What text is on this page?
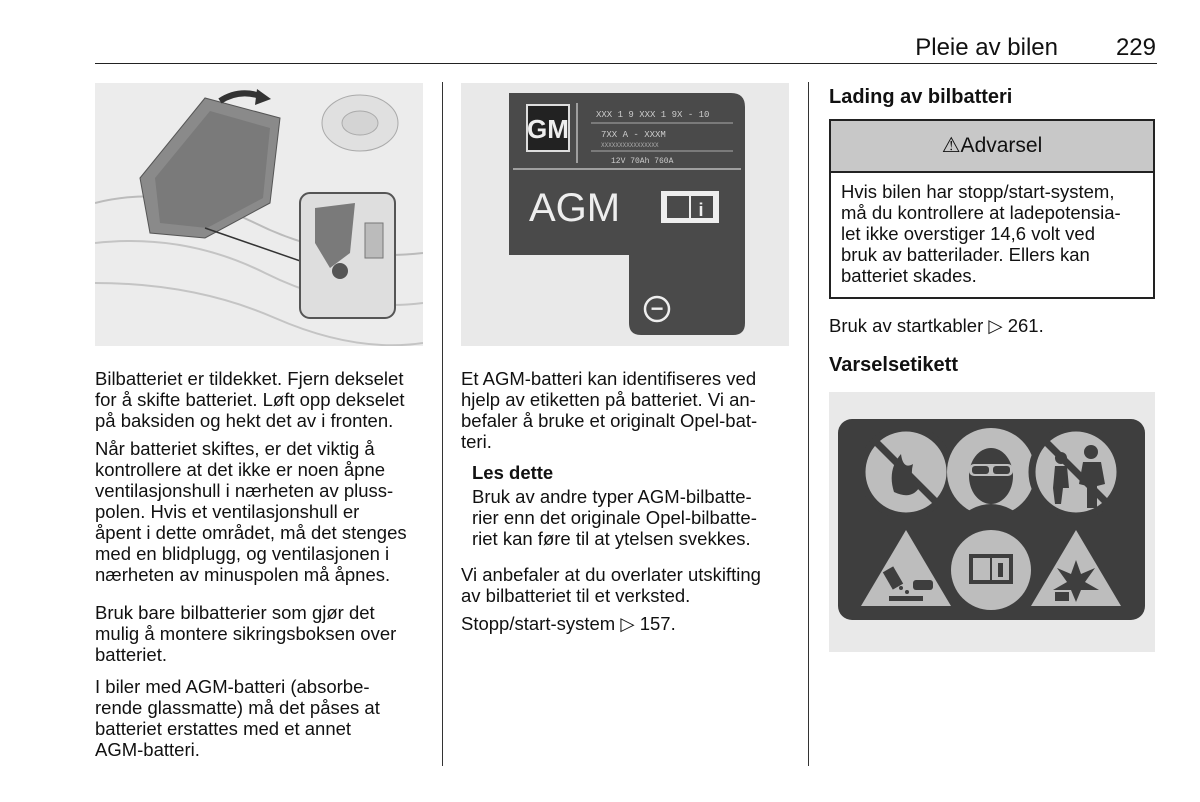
Pleie av bilen 229

Bilbatteriet er tildekket. Fjern dekselet
for å skifte batteriet. Løft opp dekselet
på baksiden og hekt det av i fronten.

Når batteriet skiftes, er det viktig å
kontrollere at det ikke er noen åpne
ventilasjonshull i nærheten av pluss-
polen. Hvis et ventilasjonshull er
åpent i dette området, må det stenges
med en blidplugg, og ventilasjonen i
nærheten av minuspolen må åpnes.

Bruk bare bilbatterier som gjør det
mulig å montere sikringsboksen over
batteriet.

I biler med AGM-batteri (absorbe-
rende glassmatte) må det påses at
batteriet erstattes med et annet
AGM-batteri.

GM	XXX 1 9 XXX 1 9X - 10
7XX A - XXXM
XXXXXXXXXXXXXXXX
12V 70Ah 760A
AGM	i
−

Et AGM-batteri kan identifiseres ved
hjelp av etiketten på batteriet. Vi an-
befaler å bruke et originalt Opel-bat-
teri.

Les dette

Bruk av andre typer AGM-bilbatte-
rier enn det originale Opel-bilbatte-
riet kan føre til at ytelsen svekkes.

Vi anbefaler at du overlater utskifting
av bilbatteriet til et verksted.

Stopp/start-system ▷ 157.

Lading av bilbatteri
⚠Advarsel
Hvis bilen har stopp/start-system,
må du kontrollere at ladepotensia-
let ikke overstiger 14,6 volt ved
bruk av batterilader. Ellers kan
batteriet skades.

Bruk av startkabler ▷ 261.

Varselsetikett
